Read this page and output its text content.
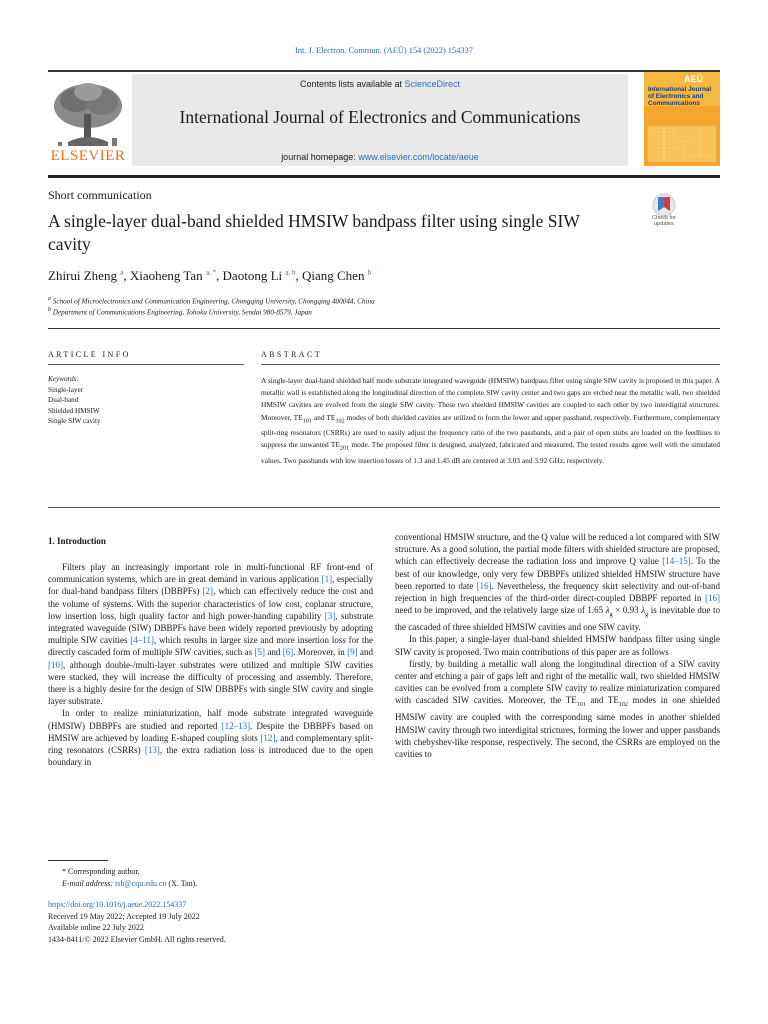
Int. J. Electron. Commun. (AEÜ) 154 (2022) 154337
ELSEVIER
Contents lists available at ScienceDirect
International Journal of Electronics and Communications
journal homepage: www.elsevier.com/locate/aeue
AEÜ
International Journal of Electronics and Communications
Short communication
A single-layer dual-band shielded HMSIW bandpass filter using single SIW cavity
Check for updates
Zhirui Zheng $^a$, Xiaoheng Tan $^{a, *}$, Daotong Li $^{a, b}$, Qiang Chen $^b$
$^a$ School of Microelectronics and Communication Engineering, Chongqing University, Chongqing 400044, China
$^b$ Department of Communications Engineering, Tohoku University, Sendai 980-8579, Japan
ARTICLE INFO	ABSTRACT
Keywords:
Single-layer
Dual-band
Shielded HMSIW
Single SIW cavity
A single-layer dual-band shielded half mode substrate integrated waveguide (HMSIW) bandpass filter using single SIW cavity is proposed in this paper. A metallic wall is established along the longitudinal direction of the complete SIW cavity center and two gaps are etched near the metallic wall, two shielded HMSIW cavities are evolved from the single SIW cavity. These two shielded HMSIW cavities are coupled to each other by two interdigital structures. Moreover, $TE_{101}$ and $TE_{102}$ modes of both shielded cavities are utilized to form the lower and upper passband, respectively. Furthermore, complementary split-ring resonators (CSRRs) are used to easily adjust the frequency ratio of the two passbands, and a pair of open stubs are loaded on the feedlines to suppress the unwanted $TE_{201}$ mode. The proposed filter is designed, analyzed, fabricated and measured. The tested results agree well with the simulated values. Two passbands with low insertion losses of 1.3 and 1.45 dB are centered at 3.03 and 3.92 GHz, respectively.
1. Introduction

Filters play an increasingly important role in multi-functional RF front-end of communication systems, which are in great demand in various application [1], especially for dual-band bandpass filters (DBBPFs) [2], which can effectively reduce the cost and the volume of systems. With the superior characteristics of low cost, coplanar structure, low insertion loss, high quality factor and high power-handing capability [3], substrate integrated waveguide (SIW) DBBPFs have been widely reported previously by adopting multiple SIW cavities [4–11], which results in larger size and more insertion loss for the directly cascaded form of multiple SIW cavities, such as [5] and [6]. Moreover, in [9] and [10], although double-/multi-layer substrates were utilized and multiple SIW cavities were stacked, they will increase the difficulty of processing and assembly. Therefore, there is a highly desire for the design of SIW DBBPFs with single SIW cavity and single layer substrate.

In order to realize miniaturization, half mode substrate integrated waveguide (HMSIW) DBBPFs are studied and reported [12–13]. Despite the DBBPFs based on HMSIW are achieved by loading E-shaped coupling slots [12], and complementary split-ring resonators (CSRRs) [13], the extra radiation loss is introduced due to the open boundary in

conventional HMSIW structure, and the Q value will be reduced a lot compared with SIW structure. As a good solution, the partial mode filters with shielded structure are proposed, which can effectively decrease the radiation loss and improve Q value [14–15]. To the best of our knowledge, only very few DBBPFs utilized shielded HMSIW structure have been reported to date [16]. Nevertheless, the frequency skirt selectivity and out-of-band rejection in high frequencies of the third-order direct-coupled DBBPF reported in [16] need to be improved, and the relatively large size of 1.65 $\lambda_g \times 0.93$ $\lambda_g$ is inevitable due to the cascaded of three shielded HMSIW cavities and one SIW cavity.

In this paper, a single-layer dual-band shielded HMSIW bandpass filter using single SIW cavity is proposed. Two main contributions of this paper are as follows

firstly, by building a metallic wall along the longitudinal direction of a SIW cavity center and etching a pair of gaps left and right of the metallic wall, two shielded HMSIW cavities can be evolved from a complete SIW cavity to realize miniaturization compared with cascaded SIW cavities. Moreover, the $TE_{101}$ and $TE_{102}$ modes in one shielded HMSIW cavity are coupled with the corresponding same modes in another shielded HMSIW cavity through two interdigital strictures, forming the lower and upper passbands with chebyshev-like response, respectively. The second, the CSRRs are employed on the cavities to

* Corresponding author.
E-mail address: tsh@cqu.edu.cn (X. Tan).
https://doi.org/10.1016/j.aeue.2022.154337
Received 19 May 2022; Accepted 19 July 2022
Available online 22 July 2022
1434-8411/© 2022 Elsevier GmbH. All rights reserved.
